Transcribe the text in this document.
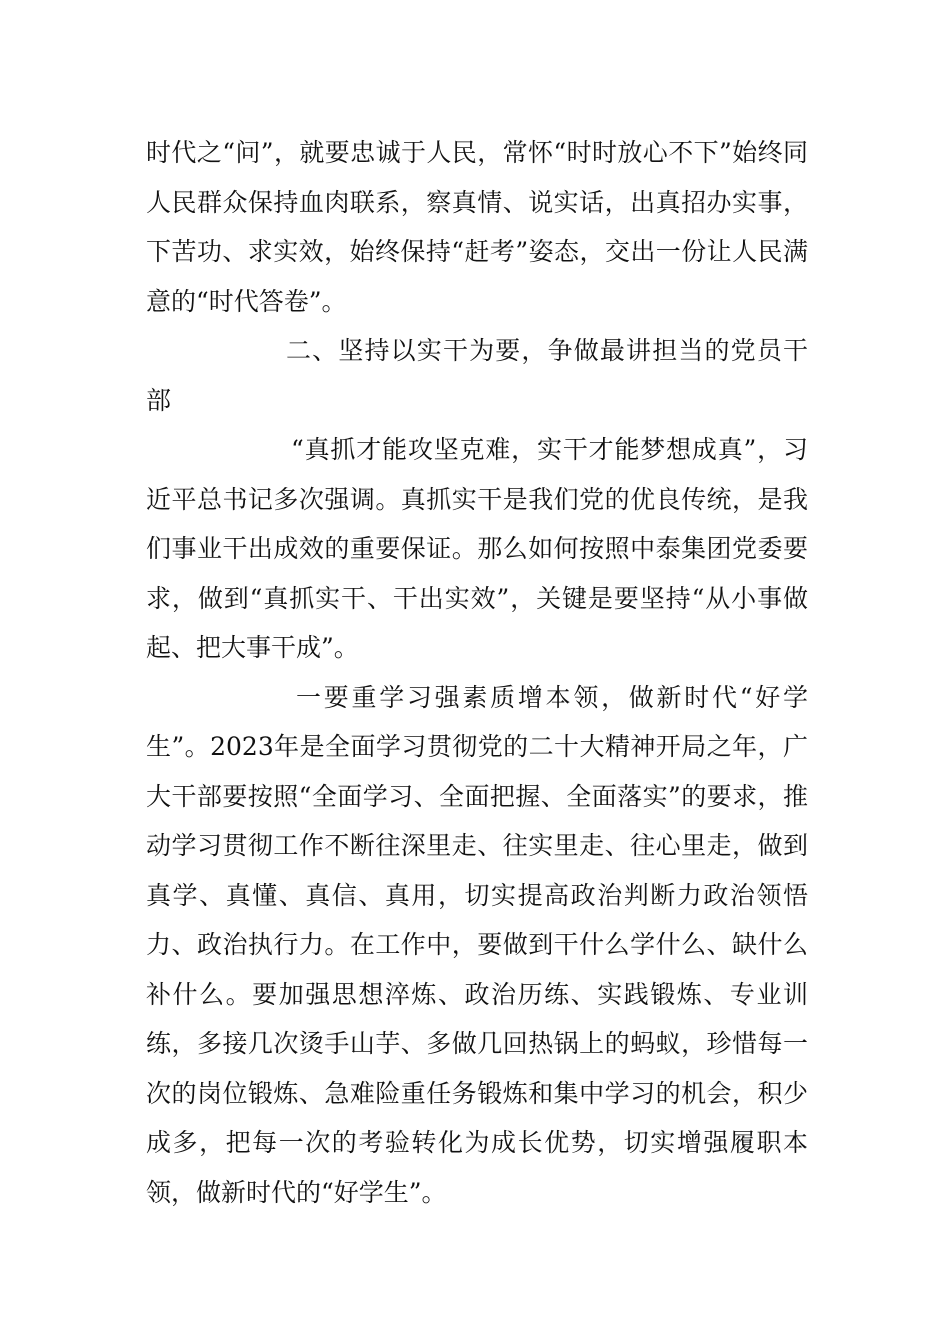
时代之“问”，就要忠诚于人民，常怀“时时放心不下”始终同人民群众保持血肉联系，察真情、说实话，出真招办实事，下苦功、求实效，始终保持“赶考”姿态，交出一份让人民满意的“时代答卷”。

二、坚持以实干为要，争做最讲担当的党员干部

“真抓才能攻坚克难，实干才能梦想成真”，习近平总书记多次强调。真抓实干是我们党的优良传统，是我们事业干出成效的重要保证。那么如何按照中泰集团党委要求，做到“真抓实干、干出实效”，关键是要坚持“从小事做起、把大事干成”。

一要重学习强素质增本领，做新时代“好学生”。2023年是全面学习贯彻党的二十大精神开局之年，广大干部要按照“全面学习、全面把握、全面落实”的要求，推动学习贯彻工作不断往深里走、往实里走、往心里走，做到真学、真懂、真信、真用，切实提高政治判断力政治领悟力、政治执行力。在工作中，要做到干什么学什么、缺什么补什么。要加强思想淬炼、政治历练、实践锻炼、专业训练，多接几次烫手山芋、多做几回热锅上的蚂蚁，珍惜每一次的岗位锻炼、急难险重任务锻炼和集中学习的机会，积少成多，把每一次的考验转化为成长优势，切实增强履职本领，做新时代的“好学生”。
